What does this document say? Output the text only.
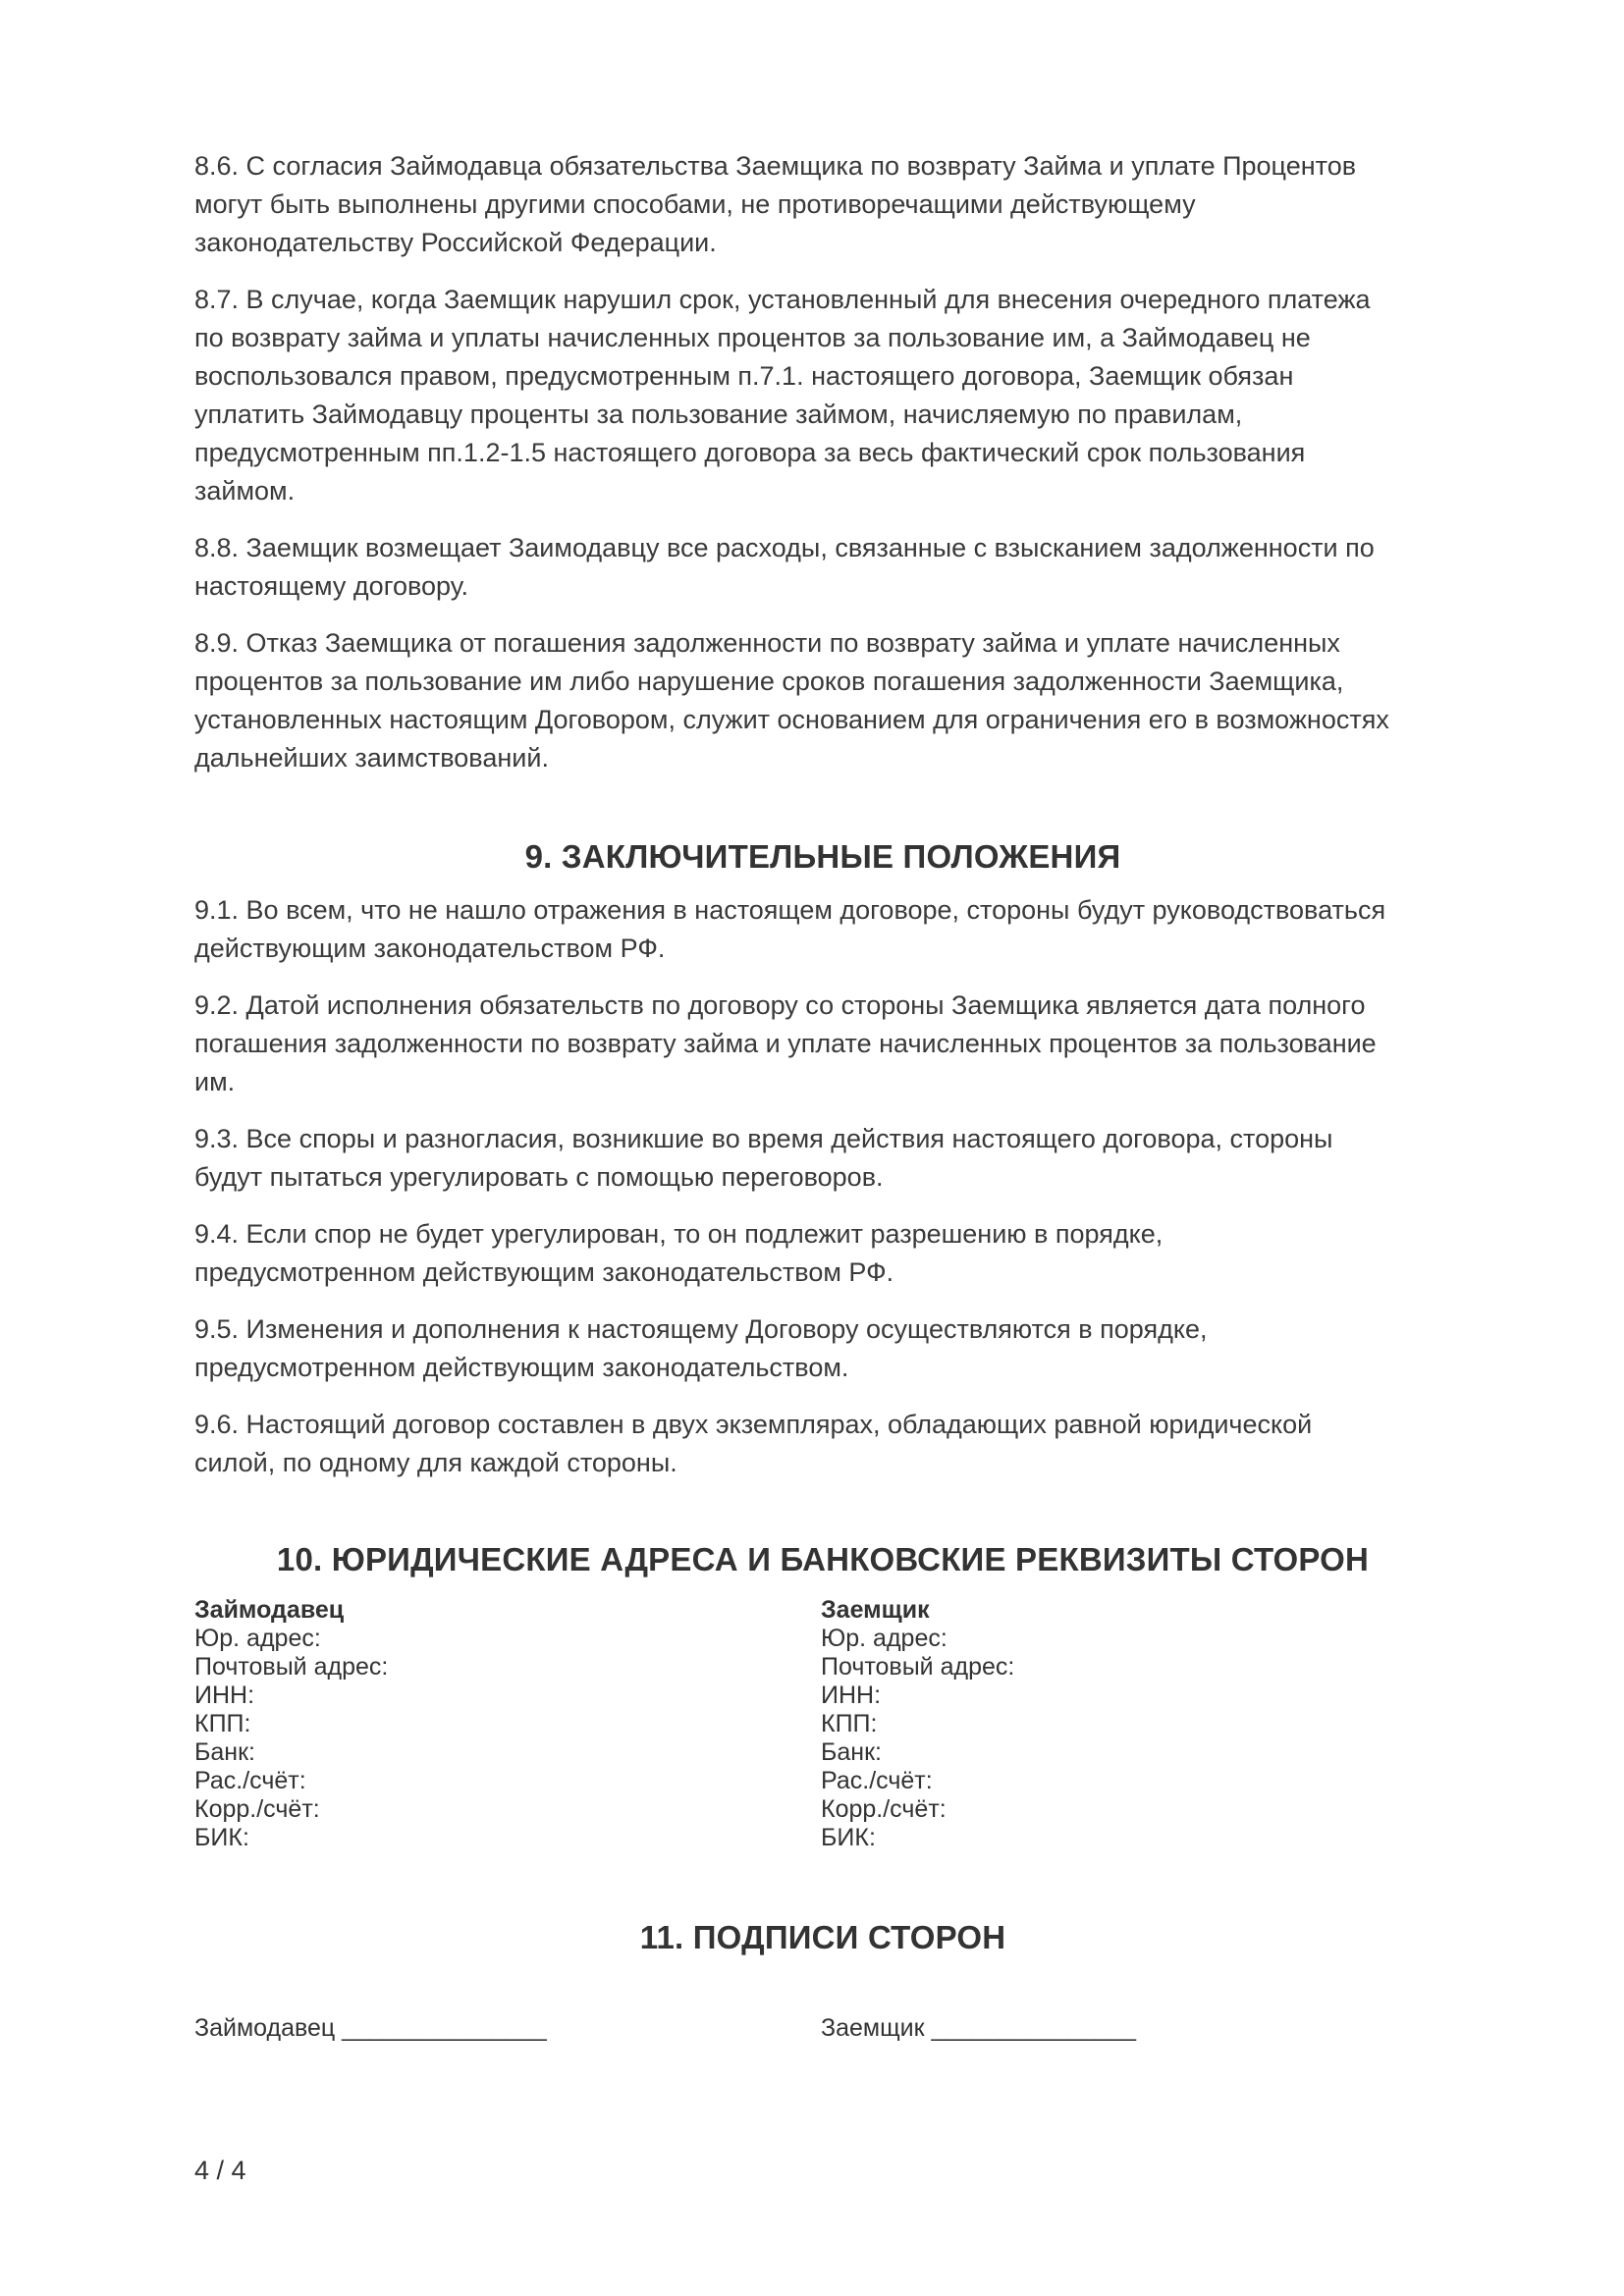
8.6. С согласия Займодавца обязательства Заемщика по возврату Займа и уплате Процентов
могут быть выполнены другими способами, не противоречащими действующему
законодательству Российской Федерации.

8.7. В случае, когда Заемщик нарушил срок, установленный для внесения очередного платежа
по возврату займа и уплаты начисленных процентов за пользование им, а Займодавец не
воспользовался правом, предусмотренным п.7.1. настоящего договора, Заемщик обязан
уплатить Займодавцу проценты за пользование займом, начисляемую по правилам,
предусмотренным пп.1.2-1.5 настоящего договора за весь фактический срок пользования
займом.

8.8. Заемщик возмещает Заимодавцу все расходы, связанные с взысканием задолженности по
настоящему договору.

8.9. Отказ Заемщика от погашения задолженности по возврату займа и уплате начисленных
процентов за пользование им либо нарушение сроков погашения задолженности Заемщика,
установленных настоящим Договором, служит основанием для ограничения его в возможностях
дальнейших заимствований.

9. ЗАКЛЮЧИТЕЛЬНЫЕ ПОЛОЖЕНИЯ

9.1. Во всем, что не нашло отражения в настоящем договоре, стороны будут руководствоваться
действующим законодательством РФ.

9.2. Датой исполнения обязательств по договору со стороны Заемщика является дата полного
погашения задолженности по возврату займа и уплате начисленных процентов за пользование
им.

9.3. Все споры и разногласия, возникшие во время действия настоящего договора, стороны
будут пытаться урегулировать с помощью переговоров.

9.4. Если спор не будет урегулирован, то он подлежит разрешению в порядке,
предусмотренном действующим законодательством РФ.

9.5. Изменения и дополнения к настоящему Договору осуществляются в порядке,
предусмотренном действующим законодательством.

9.6. Настоящий договор составлен в двух экземплярах, обладающих равной юридической
силой, по одному для каждой стороны.

10. ЮРИДИЧЕСКИЕ АДРЕСА И БАНКОВСКИЕ РЕКВИЗИТЫ СТОРОН
Займодавец
Юр. адрес:
Почтовый адрес:
ИНН:
КПП:
Банк:
Рас./счёт:
Корр./счёт:
БИК:
Заемщик
Юр. адрес:
Почтовый адрес:
ИНН:
КПП:
Банк:
Рас./счёт:
Корр./счёт:
БИК:
11. ПОДПИСИ СТОРОН
Займодавец _______________	Заемщик _______________
4 / 4
